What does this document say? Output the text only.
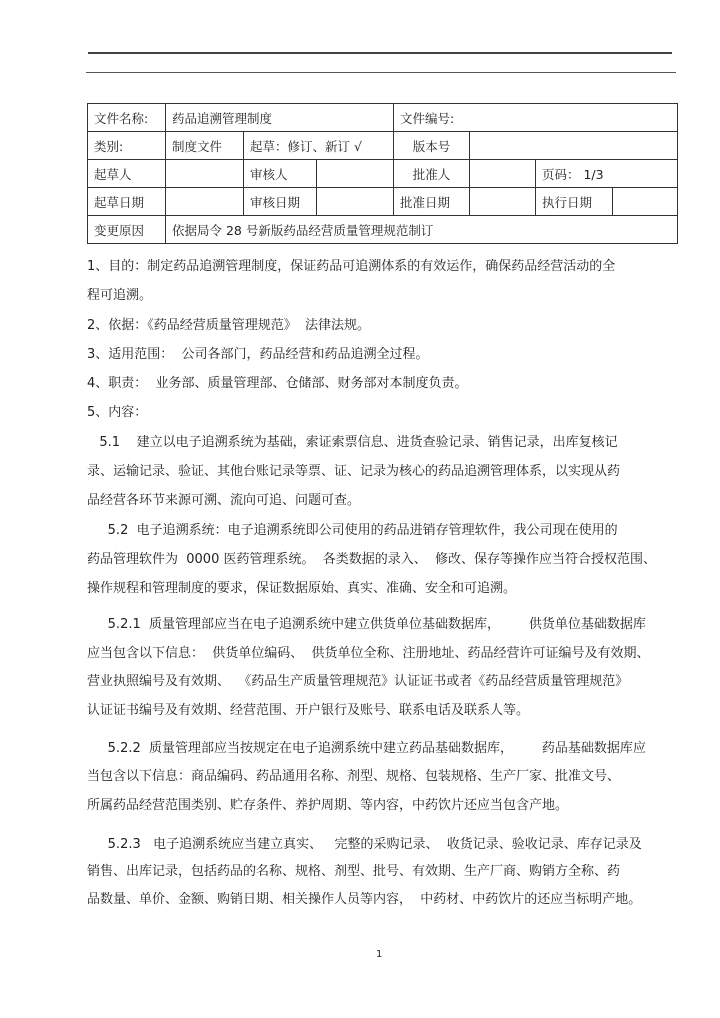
文件名称:	药品追溯管理制度			文件编号:			
类别:	制度文件	起草：修订、新订 √		版本号			
起草人		审核人		批准人		页码： 1/3	
起草日期		审核日期		批准日期		执行日期	
变更原因	依据局令 28 号新版药品经营质量管理规范制订						
1、目的：制定药品追溯管理制度，保证药品可追溯体系的有效运作，确保药品经营活动的全
程可追溯。
2、依据：《药品经营质量管理规范》  法律法规。
3、适用范围：  公司各部门，药品经营和药品追溯全过程。
4、职责：  业务部、质量管理部、仓储部、财务部对本制度负责。
5、内容：
5.1    建立以电子追溯系统为基础，索证索票信息、进货查验记录、销售记录，出库复核记
录、运输记录、验证、其他台账记录等票、证、记录为核心的药品追溯管理体系，以实现从药
品经营各环节来源可溯、流向可追、问题可查。
5.2  电子追溯系统：电子追溯系统即公司使用的药品进销存管理软件，我公司现在使用的
药品管理软件为  0000 医药管理系统。  各类数据的录入、  修改、保存等操作应当符合授权范围、
操作规程和管理制度的要求，保证数据原始、真实、准确、安全和可追溯。
5.2.1  质量管理部应当在电子追溯系统中建立供货单位基础数据库，       供货单位基础数据库
应当包含以下信息：  供货单位编码、  供货单位全称、注册地址、药品经营许可证编号及有效期、
营业执照编号及有效期、  《药品生产质量管理规范》认证证书或者《药品经营质量管理规范》
认证证书编号及有效期、经营范围、开户银行及账号、联系电话及联系人等。
5.2.2  质量管理部应当按规定在电子追溯系统中建立药品基础数据库，       药品基础数据库应
当包含以下信息：商品编码、药品通用名称、剂型、规格、包装规格、生产厂家、批准文号、
所属药品经营范围类别、贮存条件、养护周期、等内容，中药饮片还应当包含产地。
5.2.3   电子追溯系统应当建立真实、   完整的采购记录、  收货记录、验收记录、库存记录及
销售、出库记录，包括药品的名称、规格、剂型、批号、有效期、生产厂商、购销方全称、药
品数量、单价、金额、购销日期、相关操作人员等内容，  中药材、中药饮片的还应当标明产地。
1
